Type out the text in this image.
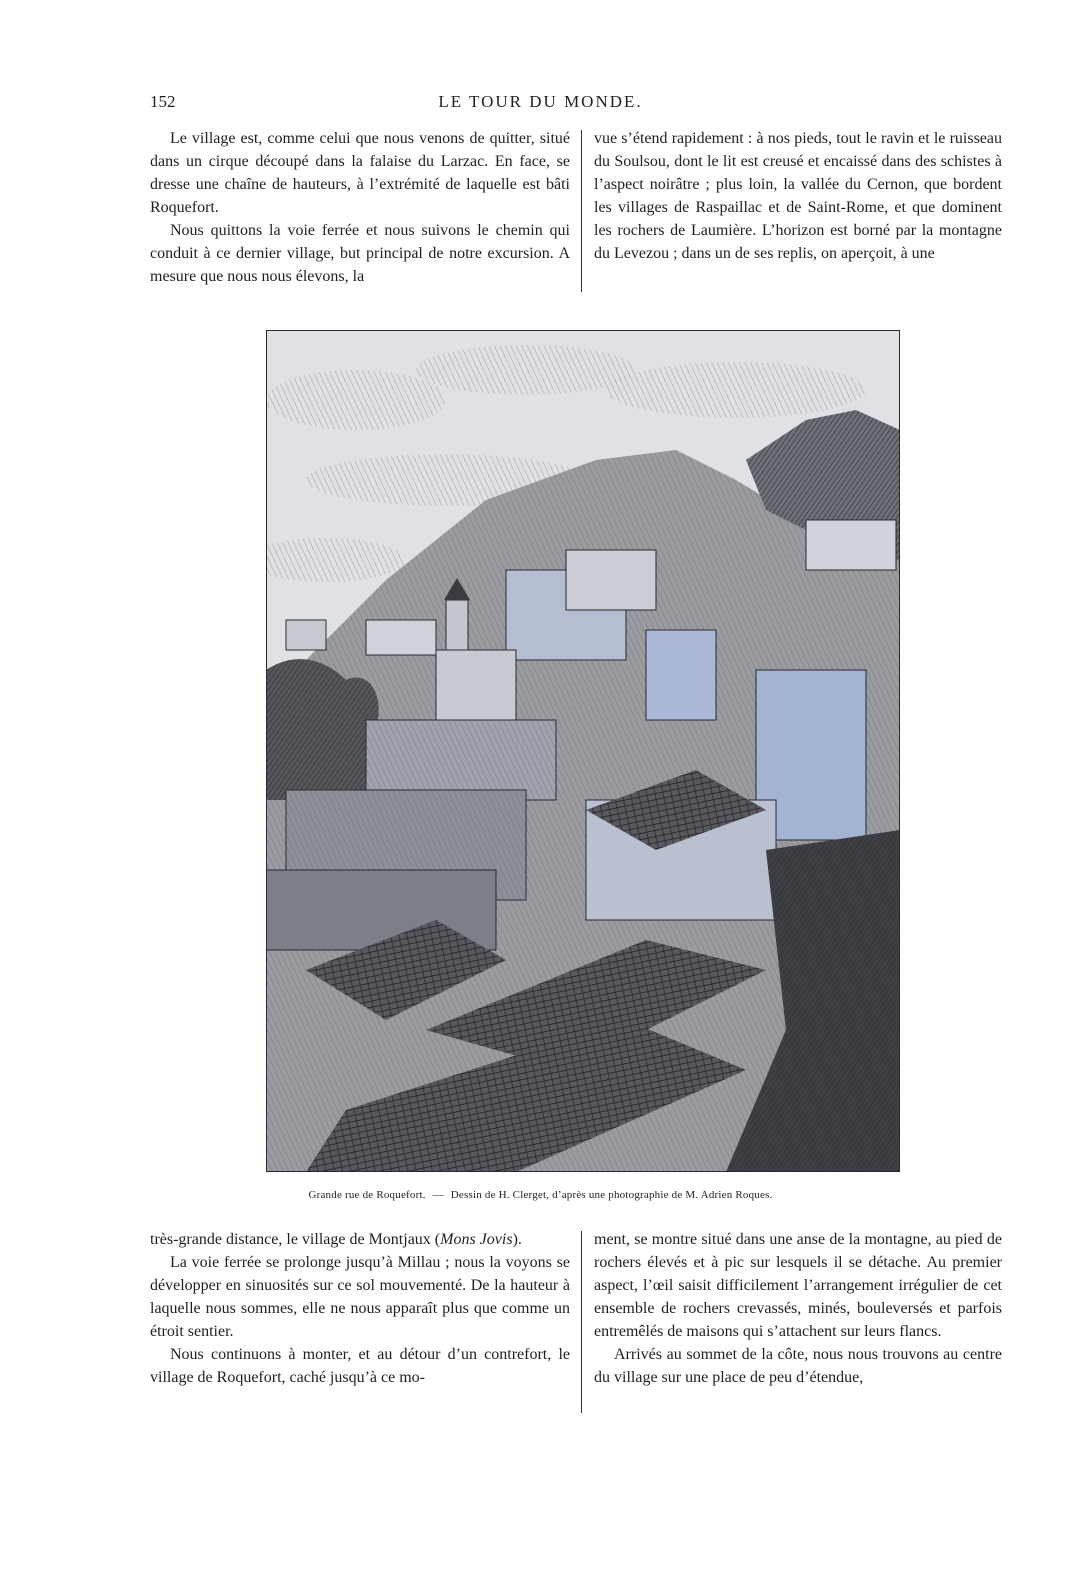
152	LE TOUR DU MONDE.

Le village est, comme celui que nous venons de quitter, situé dans un cirque découpé dans la falaise du Larzac. En face, se dresse une chaîne de hauteurs, à l’extrémité de laquelle est bâti Roquefort.

Nous quittons la voie ferrée et nous suivons le chemin qui conduit à ce dernier village, but principal de notre excursion. A mesure que nous nous élevons, la

vue s’étend rapidement : à nos pieds, tout le ravin et le ruisseau du Soulsou, dont le lit est creusé et encaissé dans des schistes à l’aspect noirâtre ; plus loin, la vallée du Cernon, que bordent les villages de Raspaillac et de Saint-Rome, et que dominent les rochers de Laumière. L’horizon est borné par la montagne du Levezou ; dans un de ses replis, on aperçoit, à une

Grande rue de Roquefort. — Dessin de H. Clerget, d’après une photographie de M. Adrien Roques.

très-grande distance, le village de Montjaux (Mons Jovis).

La voie ferrée se prolonge jusqu’à Millau ; nous la voyons se développer en sinuosités sur ce sol mouvementé. De la hauteur à laquelle nous sommes, elle ne nous apparaît plus que comme un étroit sentier.

Nous continuons à monter, et au détour d’un contrefort, le village de Roquefort, caché jusqu’à ce mo-

ment, se montre situé dans une anse de la montagne, au pied de rochers élevés et à pic sur lesquels il se détache. Au premier aspect, l’œil saisit difficilement l’arrangement irrégulier de cet ensemble de rochers crevassés, minés, bouleversés et parfois entremêlés de maisons qui s’attachent sur leurs flancs.

Arrivés au sommet de la côte, nous nous trouvons au centre du village sur une place de peu d’étendue,
